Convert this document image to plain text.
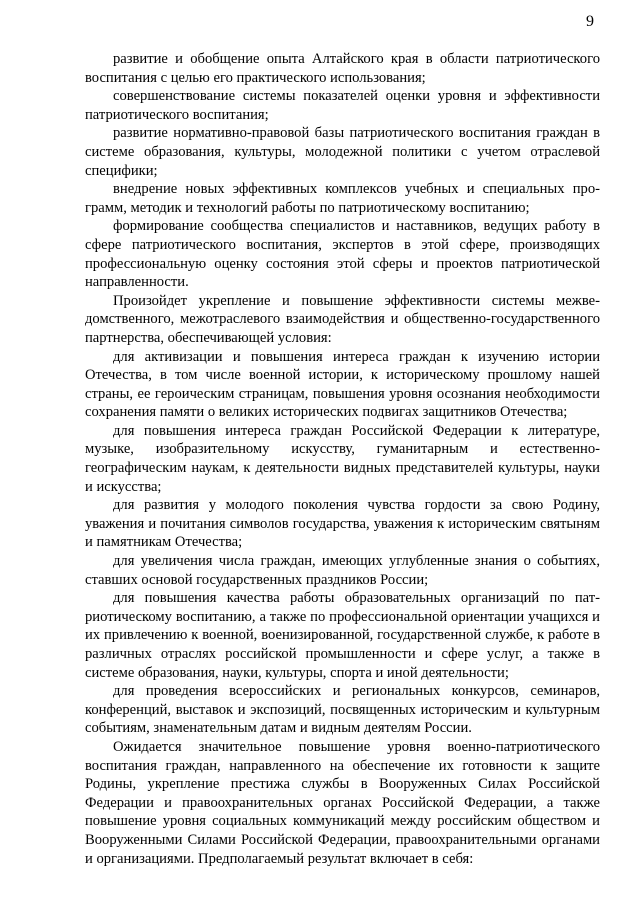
9

развитие и обобщение опыта Алтайского края в области патриотического воспитания с целью его практического использования;

совершенствование системы показателей оценки уровня и эффективности патриотического воспитания;

развитие нормативно-правовой базы патриотического воспитания граждан в системе образования, культуры, молодежной политики с учетом отраслевой специфики;

внедрение новых эффективных комплексов учебных и специальных программ, методик и технологий работы по патриотическому воспитанию;

формирование сообщества специалистов и наставников, ведущих работу в сфере патриотического воспитания, экспертов в этой сфере, производящих профессиональную оценку состояния этой сферы и проектов патриотической направленности.

Произойдет укрепление и повышение эффективности системы межведомственного, межотраслевого взаимодействия и общественно-государственного партнерства, обеспечивающей условия:

для активизации и повышения интереса граждан к изучению истории Отечества, в том числе военной истории, к историческому прошлому нашей страны, ее героическим страницам, повышения уровня осознания необходимости сохранения памяти о великих исторических подвигах защитников Отечества;

для повышения интереса граждан Российской Федерации к литературе, музыке, изобразительному искусству, гуманитарным и естественно-географическим наукам, к деятельности видных представителей культуры, науки и искусства;

для развития у молодого поколения чувства гордости за свою Родину, уважения и почитания символов государства, уважения к историческим святыням и памятникам Отечества;

для увеличения числа граждан, имеющих углубленные знания о событиях, ставших основой государственных праздников России;

для повышения качества работы образовательных организаций по патриотическому воспитанию, а также по профессиональной ориентации учащихся и их привлечению к военной, военизированной, государственной службе, к работе в различных отраслях российской промышленности и сфере услуг, а также в системе образования, науки, культуры, спорта и иной деятельности;

для проведения всероссийских и региональных конкурсов, семинаров, конференций, выставок и экспозиций, посвященных историческим и культурным событиям, знаменательным датам и видным деятелям России.

Ожидается значительное повышение уровня военно-патриотического воспитания граждан, направленного на обеспечение их готовности к защите Родины, укрепление престижа службы в Вооруженных Силах Российской Федерации и правоохранительных органах Российской Федерации, а также повышение уровня социальных коммуникаций между российским обществом и Вооруженными Силами Российской Федерации, правоохранительными органами и организациями. Предполагаемый результат включает в себя:
